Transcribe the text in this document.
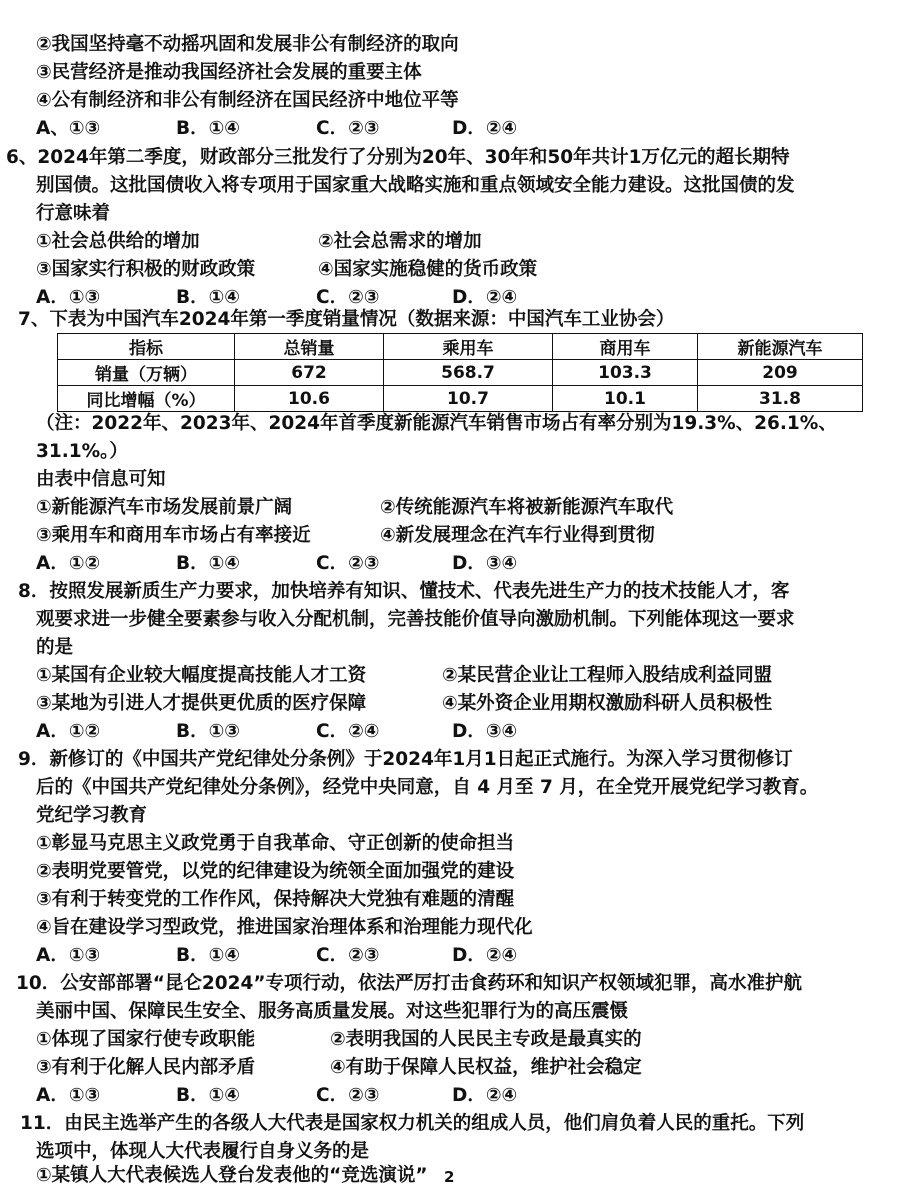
②我国坚持毫不动摇巩固和发展非公有制经济的取向
③民营经济是推动我国经济社会发展的重要主体
④公有制经济和非公有制经济在国民经济中地位平等
A、①③	B．①④	C．②③	D．②④
6、2024年第二季度，财政部分三批发行了分别为20年、30年和50年共计1万亿元的超长期特
别国债。这批国债收入将专项用于国家重大战略实施和重点领域安全能力建设。这批国债的发
行意味着
①社会总供给的增加	②社会总需求的增加
③国家实行积极的财政政策	④国家实施稳健的货币政策
A．①③	B．①④	C．②③	D．②④
7、下表为中国汽车2024年第一季度销量情况（数据来源：中国汽车工业协会）
指标	总销量	乘用车	商用车	新能源汽车
销量（万辆）	672	568.7	103.3	209
同比增幅（%）	10.6	10.7	10.1	31.8
（注：2022年、2023年、2024年首季度新能源汽车销售市场占有率分别为19.3%、26.1%、
31.1%。）
由表中信息可知
①新能源汽车市场发展前景广阔	②传统能源汽车将被新能源汽车取代
③乘用车和商用车市场占有率接近	④新发展理念在汽车行业得到贯彻
A．①②	B．①④	C．②③	D．③④
8．按照发展新质生产力要求，加快培养有知识、懂技术、代表先进生产力的技术技能人才，客
观要求进一步健全要素参与收入分配机制，完善技能价值导向激励机制。下列能体现这一要求
的是
①某国有企业较大幅度提高技能人才工资	②某民营企业让工程师入股结成利益同盟
③某地为引进人才提供更优质的医疗保障	④某外资企业用期权激励科研人员积极性
A．①②	B．①③	C．②④	D．③④
9．新修订的《中国共产党纪律处分条例》于2024年1月1日起正式施行。为深入学习贯彻修订
后的《中国共产党纪律处分条例》，经党中央同意，自 4 月至 7 月，在全党开展党纪学习教育。
党纪学习教育
①彰显马克思主义政党勇于自我革命、守正创新的使命担当
②表明党要管党，以党的纪律建设为统领全面加强党的建设
③有利于转变党的工作作风，保持解决大党独有难题的清醒
④旨在建设学习型政党，推进国家治理体系和治理能力现代化
A．①③	B．①④	C．②③	D．②④
10．公安部部署“昆仑2024”专项行动，依法严厉打击食药环和知识产权领域犯罪，高水准护航
美丽中国、保障民生安全、服务高质量发展。对这些犯罪行为的高压震慑
①体现了国家行使专政职能	②表明我国的人民民主专政是最真实的
③有利于化解人民内部矛盾	④有助于保障人民权益，维护社会稳定
A．①③	B．①④	C．②③	D．②④
11．由民主选举产生的各级人大代表是国家权力机关的组成人员，他们肩负着人民的重托。下列
选项中，体现人大代表履行自身义务的是
①某镇人大代表候选人登台发表他的“竞选演说” 2
